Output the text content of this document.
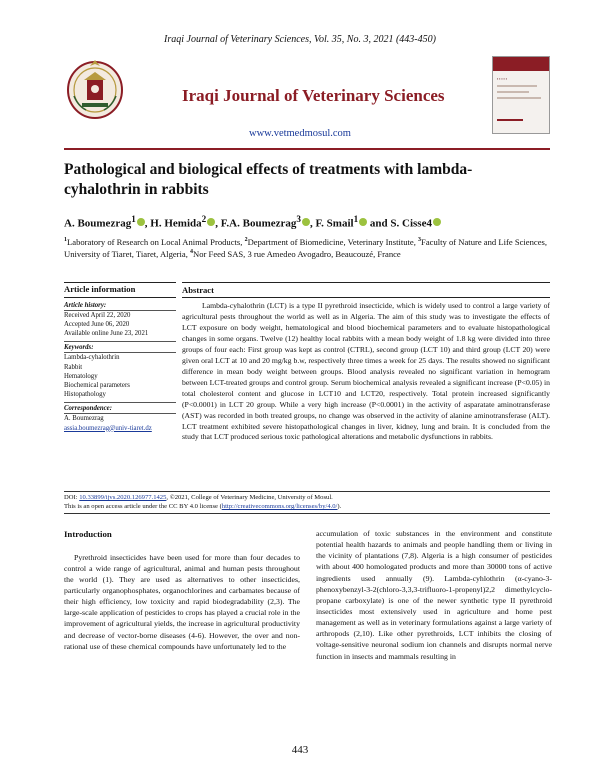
Iraqi Journal of Veterinary Sciences, Vol. 35, No. 3, 2021 (443-450)
Iraqi Journal of Veterinary Sciences
▪ ▪ ▪ ▪ ▪
www.vetmedmosul.com
Pathological and biological effects of treatments with lambda-cyhalothrin in rabbits
A. Boumezrag$^1$ , H. Hemida$^2$ , F.A. Boumezrag$^3$ , F. Smail$^1$ and S. Cisse4
$^1$Laboratory of Research on Local Animal Products, $^2$Department of Biomedicine, Veterinary Institute, $^3$Faculty of Nature and Life Sciences, University of Tiaret, Tiaret, Algeria, $^4$Nor Feed SAS, 3 rue Amedeo Avogadro, Beaucouzé, France
Article information
Article history:
Received April 22, 2020
Accepted June 06, 2020
Available online June 23, 2021
Keywords:
Lambda-cyhalothrin
Rabbit
Hematology
Biochemical parameters
Histopathology
Correspondence:
A. Boumezrag
assia.boumezrag@univ-tiaret.dz
Abstract
Lambda-cyhalothrin (LCT) is a type II pyrethroid insecticide, which is widely used to control a large variety of agricultural pests throughout the world as well as in Algeria. The aim of this study was to investigate the effects of LCT exposure on body weight, hematological and blood biochemical parameters and to evaluate histopathological changes in some organs. Twelve (12) healthy local rabbits with a mean body weight of 1.8 kg were divided into three groups of four each: First group was kept as control (CTRL), second group (LCT 10) and third group (LCT 20) were given oral LCT at 10 and 20 mg/kg b.w, respectively three times a week for 25 days. The results showed no significant difference in mean body weight between groups. Blood analysis revealed no significant variation in hemogram between LCT-treated groups and control group. Serum biochemical analysis revealed a significant increase (P<0.05) in total cholesterol content and glucose in LCT10 and LCT20, respectively. Total protein increased significantly (P<0.0001) in LCT 20 group. While a very high increase (P<0.0001) in the activity of asparatate aminotransferase (AST) was recorded in both treated groups, no change was observed in the activity of alanine aminotransferase (ALT). LCT treatment exhibited severe histopathological changes in liver, kidney, lung and brain. It is concluded from the study that LCT produced serious toxic pathological alterations and metabolic dysfunctions in rabbits.
DOI: 10.33899/ijvs.2020.126977.1425, ©2021, College of Veterinary Medicine, University of Mosul.
This is an open access article under the CC BY 4.0 license (http://creativecommons.org/licenses/by/4.0/).
Introduction
Pyrethroid insecticides have been used for more than four decades to control a wide range of agricultural, animal and human pests throughout the world (1). They are used as alternatives to other insecticides, particularly organophosphates, organochlorines and carbamates because of their high efficiency, low toxicity and rapid biodegradability (2,3). The large-scale application of pesticides to crops has played a crucial role in the improvement of agricultural yields, the increase in agricultural productivity and decrease of vector-borne diseases (4-6). However, the over and non-rational use of these chemical compounds have unfortunately led to the
accumulation of toxic substances in the environment and constitute potential health hazards to animals and people handling them or living in the vicinity of plantations (7,8). Algeria is a high consumer of pesticides with about 400 homologated products and more than 30000 tons of active ingredients used annually (9). Lambda-cyhlothrin (α-cyano-3-phenoxybenzyl-3-2(chloro-3,3,3-trifluoro-1-propenyl)2,2 dimethylcyclo- propane carboxylate) is one of the newer synthetic type II pyrethroid insecticides most extensively used in agriculture and home pest management as well as in veterinary formulations against a large variety of arthropods (2,10). Like other pyrethroids, LCT inhibits the closing of voltage-sensitive neuronal sodium ion channels and disrupts normal nerve function in insects and mammals resulting in
443
